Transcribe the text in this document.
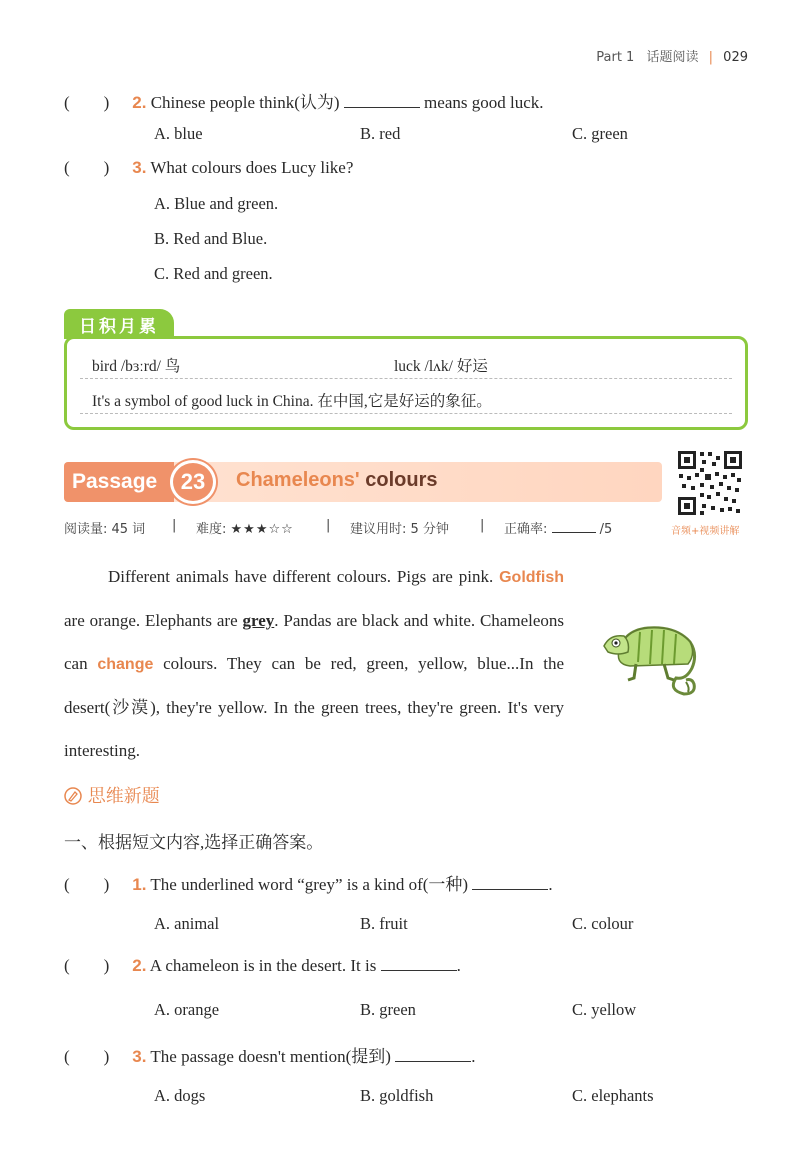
Part 1 话题阅读 | 029
(        ) 2. Chinese people think(认为)	means good luck.
A. blue	B. red	C. green
(        ) 3. What colours does Lucy like?
A. Blue and green.
B. Red and Blue.
C. Red and green.
日积月累
bird /bɜːrd/ 鸟	luck /lʌk/ 好运
It's a symbol of good luck in China. 在中国,它是好运的象征。
Passage	23	Chameleons' colours
音频+视频讲解
阅读量: 45 词 | 难度: ★★★☆☆ | 建议用时: 5 分钟 | 正确率:	/5
Different animals have different colours. Pigs are pink. Goldfish are orange. Elephants are grey. Pandas are black and white. Chameleons can change colours. They can be red, green, yellow, blue...In the desert(沙漠), they're yellow. In the green trees, they're green. It's very interesting.
思维新题
一、根据短文内容,选择正确答案。
(        ) 1. The underlined word “grey” is a kind of(一种)	.
A. animal	B. fruit	C. colour
(        ) 2. A chameleon is in the desert. It is	.
A. orange	B. green	C. yellow
(        ) 3. The passage doesn't mention(提到)	.
A. dogs	B. goldfish	C. elephants
